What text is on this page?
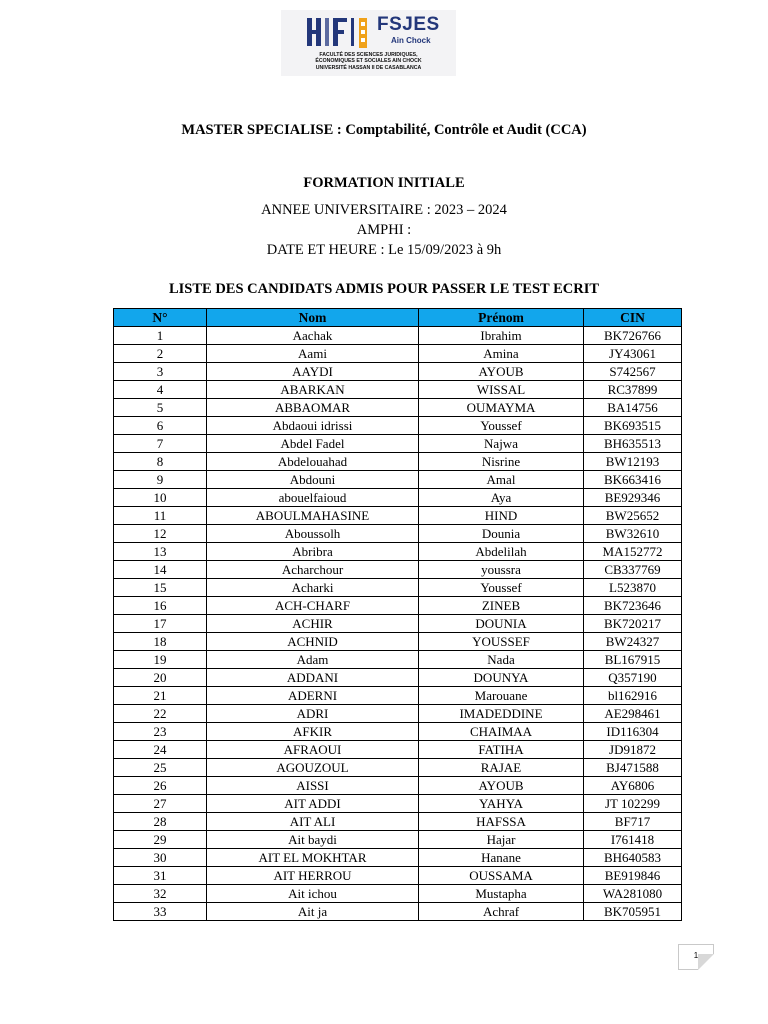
FSJES
Ain Chock
FACULTÉ DES SCIENCES JURIDIQUES,
ÉCONOMIQUES ET SOCIALES AIN CHOCK
UNIVERSITÉ HASSAN II DE CASABLANCA
MASTER SPECIALISE : Comptabilité, Contrôle et Audit (CCA)
FORMATION INITIALE
ANNEE UNIVERSITAIRE : 2023 – 2024
AMPHI :
DATE ET HEURE : Le 15/09/2023 à 9h
LISTE DES CANDIDATS ADMIS POUR PASSER LE TEST ECRIT
N°	Nom	Prénom	CIN
1	Aachak	Ibrahim	BK726766
2	Aami	Amina	JY43061
3	AAYDI	AYOUB	S742567
4	ABARKAN	WISSAL	RC37899
5	ABBAOMAR	OUMAYMA	BA14756
6	Abdaoui idrissi	Youssef	BK693515
7	Abdel Fadel	Najwa	BH635513
8	Abdelouahad	Nisrine	BW12193
9	Abdouni	Amal	BK663416
10	abouelfaioud	Aya	BE929346
11	ABOULMAHASINE	HIND	BW25652
12	Aboussolh	Dounia	BW32610
13	Abribra	Abdelilah	MA152772
14	Acharchour	youssra	CB337769
15	Acharki	Youssef	L523870
16	ACH-CHARF	ZINEB	BK723646
17	ACHIR	DOUNIA	BK720217
18	ACHNID	YOUSSEF	BW24327
19	Adam	Nada	BL167915
20	ADDANI	DOUNYA	Q357190
21	ADERNI	Marouane	bl162916
22	ADRI	IMADEDDINE	AE298461
23	AFKIR	CHAIMAA	ID116304
24	AFRAOUI	FATIHA	JD91872
25	AGOUZOUL	RAJAE	BJ471588
26	AISSI	AYOUB	AY6806
27	AIT ADDI	YAHYA	JT 102299
28	AIT ALI	HAFSSA	BF717
29	Ait baydi	Hajar	I761418
30	AIT EL MOKHTAR	Hanane	BH640583
31	AIT HERROU	OUSSAMA	BE919846
32	Ait ichou	Mustapha	WA281080
33	Ait ja	Achraf	BK705951
1
